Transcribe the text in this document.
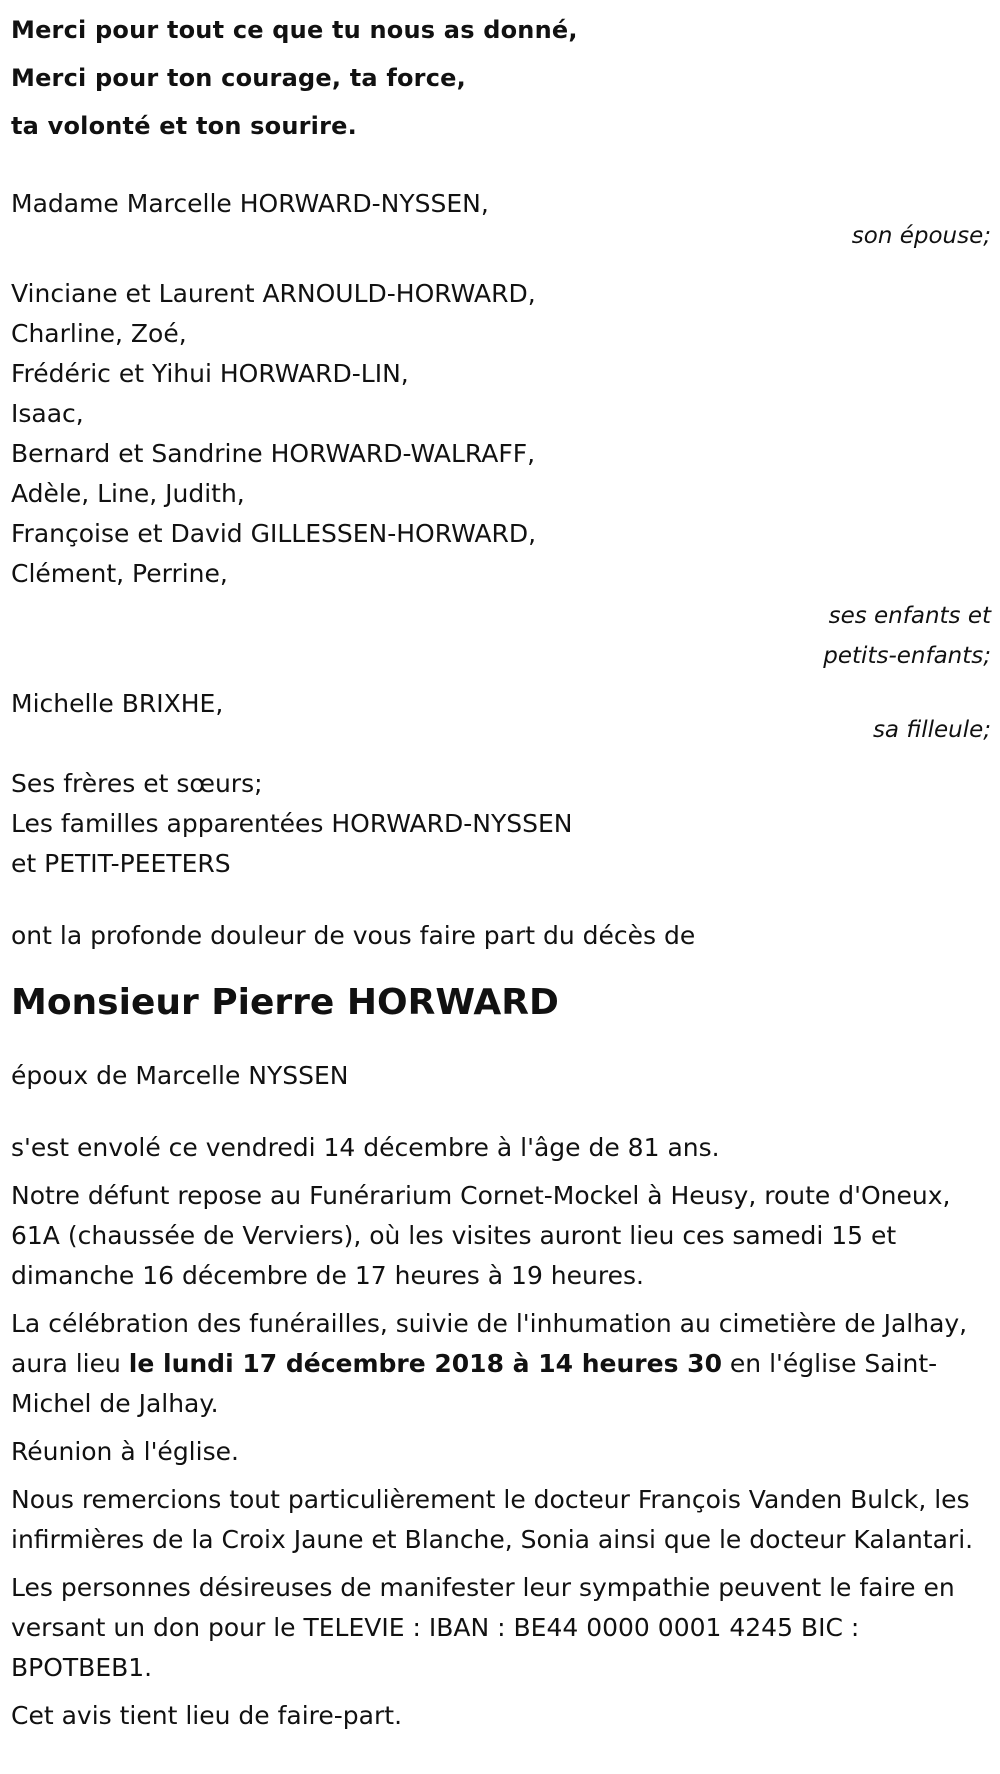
Merci pour tout ce que tu nous as donné,
Merci pour ton courage, ta force,
ta volonté et ton sourire.
Madame Marcelle HORWARD-NYSSEN,
son épouse;
Vinciane et Laurent ARNOULD-HORWARD,
Charline, Zoé,
Frédéric et Yihui HORWARD-LIN,
Isaac,
Bernard et Sandrine HORWARD-WALRAFF,
Adèle, Line, Judith,
Françoise et David GILLESSEN-HORWARD,
Clément, Perrine,
ses enfants et
petits-enfants;
Michelle BRIXHE,
sa filleule;
Ses frères et sœurs;
Les familles apparentées HORWARD-NYSSEN
et PETIT-PEETERS
ont la profonde douleur de vous faire part du décès de
Monsieur Pierre HORWARD
époux de Marcelle NYSSEN
s'est envolé ce vendredi 14 décembre à l'âge de 81 ans.
Notre défunt repose au Funérarium Cornet-Mockel à Heusy, route d'Oneux, 61A (chaussée de Verviers), où les visites auront lieu ces samedi 15 et dimanche 16 décembre de 17 heures à 19 heures.
La célébration des funérailles, suivie de l'inhumation au cimetière de Jalhay, aura lieu le lundi 17 décembre 2018 à 14 heures 30 en l'église Saint-Michel de Jalhay.
Réunion à l'église.
Nous remercions tout particulièrement le docteur François Vanden Bulck, les infirmières de la Croix Jaune et Blanche, Sonia ainsi que le docteur Kalantari.
Les personnes désireuses de manifester leur sympathie peuvent le faire en versant un don pour le TELEVIE : IBAN : BE44 0000 0001 4245 BIC : BPOTBEB1.
Cet avis tient lieu de faire-part.
